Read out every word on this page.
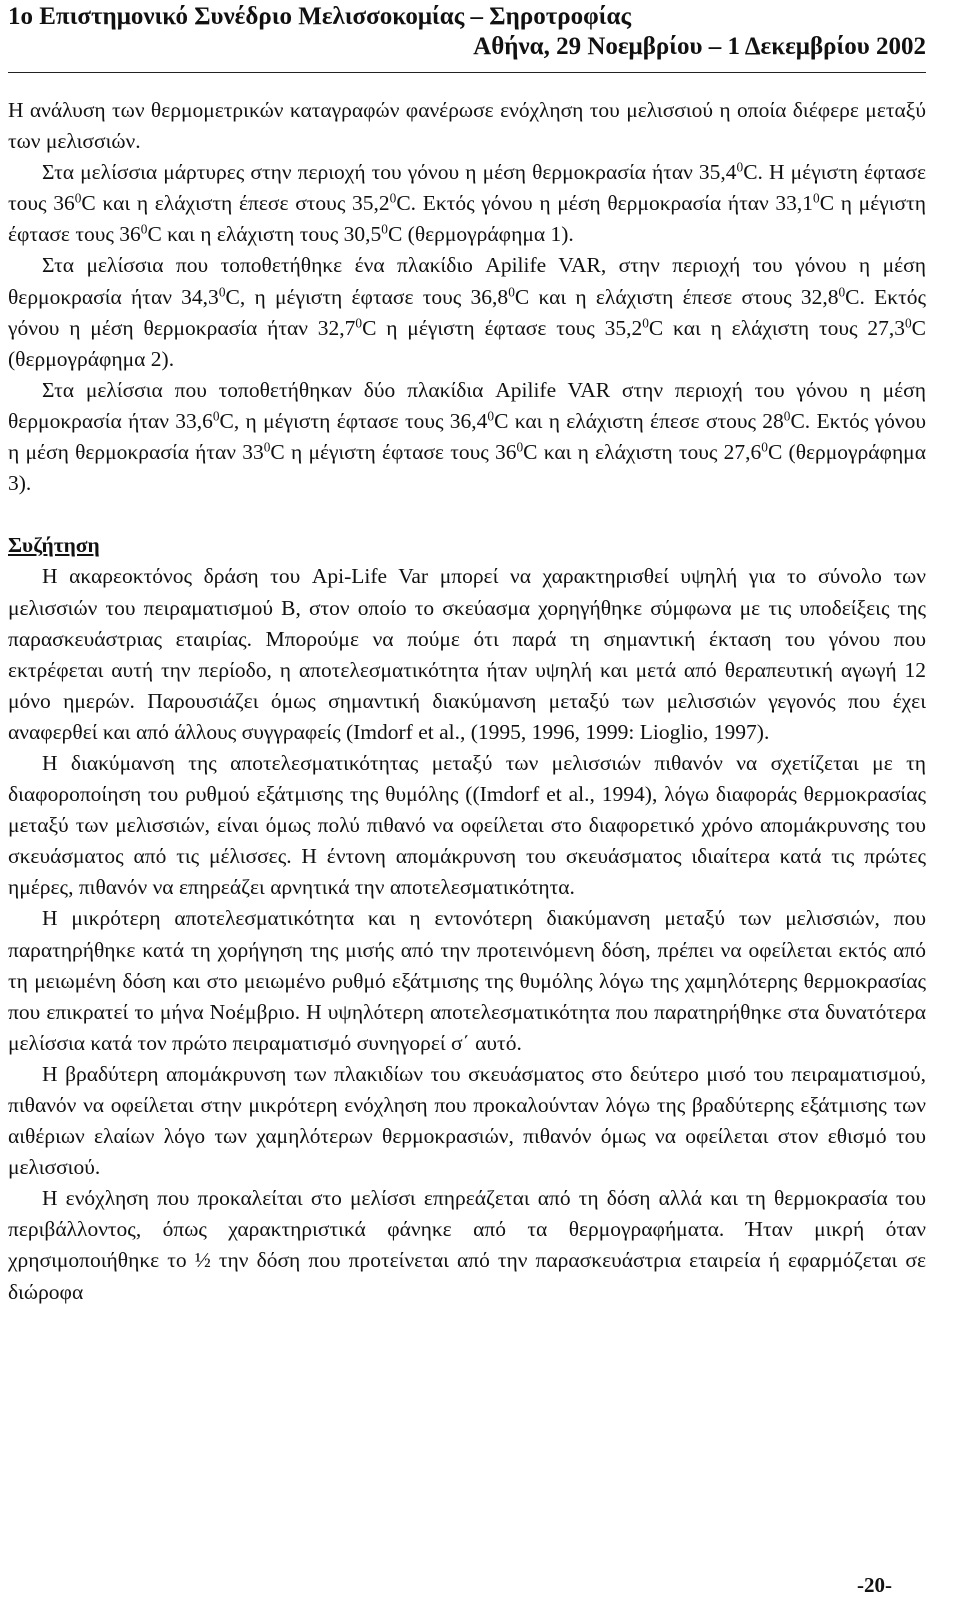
1ο Επιστημονικό Συνέδριο Μελισσοκομίας – Σηροτροφίας
Αθήνα, 29 Νοεμβρίου – 1 Δεκεμβρίου 2002

Η ανάλυση των θερμομετρικών καταγραφών φανέρωσε ενόχληση του μελισσιού η οποία διέφερε μεταξύ των μελισσιών.

Στα μελίσσια μάρτυρες στην περιοχή του γόνου η μέση θερμοκρασία ήταν 35,4$^0$C. Η μέγιστη έφτασε τους $36^0C$ και η ελάχιστη έπεσε στους 35,2$^0$C. Εκτός γόνου η μέση θερμοκρασία ήταν 33,1$^0$C η μέγιστη έφτασε τους $36^0C$ και η ελάχιστη τους 30,5$^0$C (θερμογράφημα 1).

Στα μελίσσια που τοποθετήθηκε ένα πλακίδιο Apilife VAR, στην περιοχή του γόνου η μέση θερμοκρασία ήταν 34,3$^0$C, η μέγιστη έφτασε τους 36,8$^0$C και η ελάχιστη έπεσε στους 32,8$^0$C. Εκτός γόνου η μέση θερμοκρασία ήταν 32,7$^0$C η μέγιστη έφτασε τους 35,2$^0$C και η ελάχιστη τους 27,3$^0$C (θερμογράφημα 2).

Στα μελίσσια που τοποθετήθηκαν δύο πλακίδια Apilife VAR στην περιοχή του γόνου η μέση θερμοκρασία ήταν 33,6$^0$C, η μέγιστη έφτασε τους 36,4$^0$C και η ελάχιστη έπεσε στους $28^0C$. Εκτός γόνου η μέση θερμοκρασία ήταν $33^0C$ η μέγιστη έφτασε τους $36^0C$ και η ελάχιστη τους 27,6$^0$C (θερμογράφημα 3).

Συζήτηση

Η ακαρεοκτόνος δράση του Api-Life Var μπορεί να χαρακτηρισθεί υψηλή για το σύνολο των μελισσιών του πειραματισμού Β, στον οποίο το σκεύασμα χορηγήθηκε σύμφωνα με τις υποδείξεις της παρασκευάστριας εταιρίας. Μπορούμε να πούμε ότι παρά τη σημαντική έκταση του γόνου που εκτρέφεται αυτή την περίοδο, η αποτελεσματικότητα ήταν υψηλή και μετά από θεραπευτική αγωγή 12 μόνο ημερών. Παρουσιάζει όμως σημαντική διακύμανση μεταξύ των μελισσιών γεγονός που έχει αναφερθεί και από άλλους συγγραφείς (Imdorf et al., (1995, 1996, 1999: Lioglio, 1997).

Η διακύμανση της αποτελεσματικότητας μεταξύ των μελισσιών πιθανόν να σχετίζεται με τη διαφοροποίηση του ρυθμού εξάτμισης της θυμόλης ((Imdorf et al., 1994), λόγω διαφοράς θερμοκρασίας μεταξύ των μελισσιών, είναι όμως πολύ πιθανό να οφείλεται στο διαφορετικό χρόνο απομάκρυνσης του σκευάσματος από τις μέλισσες. Η έντονη απομάκρυνση του σκευάσματος ιδιαίτερα κατά τις πρώτες ημέρες, πιθανόν να επηρεάζει αρνητικά την αποτελεσματικότητα.

Η μικρότερη αποτελεσματικότητα και η εντονότερη διακύμανση μεταξύ των μελισσιών, που παρατηρήθηκε κατά τη χορήγηση της μισής από την προτεινόμενη δόση, πρέπει να οφείλεται εκτός από τη μειωμένη δόση και στο μειωμένο ρυθμό εξάτμισης της θυμόλης λόγω της χαμηλότερης θερμοκρασίας που επικρατεί το μήνα Νοέμβριο. Η υψηλότερη αποτελεσματικότητα που παρατηρήθηκε στα δυνατότερα μελίσσια κατά τον πρώτο πειραματισμό συνηγορεί σ΄ αυτό.

Η βραδύτερη απομάκρυνση των πλακιδίων του σκευάσματος στο δεύτερο μισό του πειραματισμού, πιθανόν να οφείλεται στην μικρότερη ενόχληση που προκαλούνταν λόγω της βραδύτερης εξάτμισης των αιθέριων ελαίων λόγο των χαμηλότερων θερμοκρασιών, πιθανόν όμως να οφείλεται στον εθισμό του μελισσιού.

Η ενόχληση που προκαλείται στο μελίσσι επηρεάζεται από τη δόση αλλά και τη θερμοκρασία του περιβάλλοντος, όπως χαρακτηριστικά φάνηκε από τα θερμογραφήματα. Ήταν μικρή όταν χρησιμοποιήθηκε το ½ την δόση που προτείνεται από την παρασκευάστρια εταιρεία ή εφαρμόζεται σε διώροφα

-20-
